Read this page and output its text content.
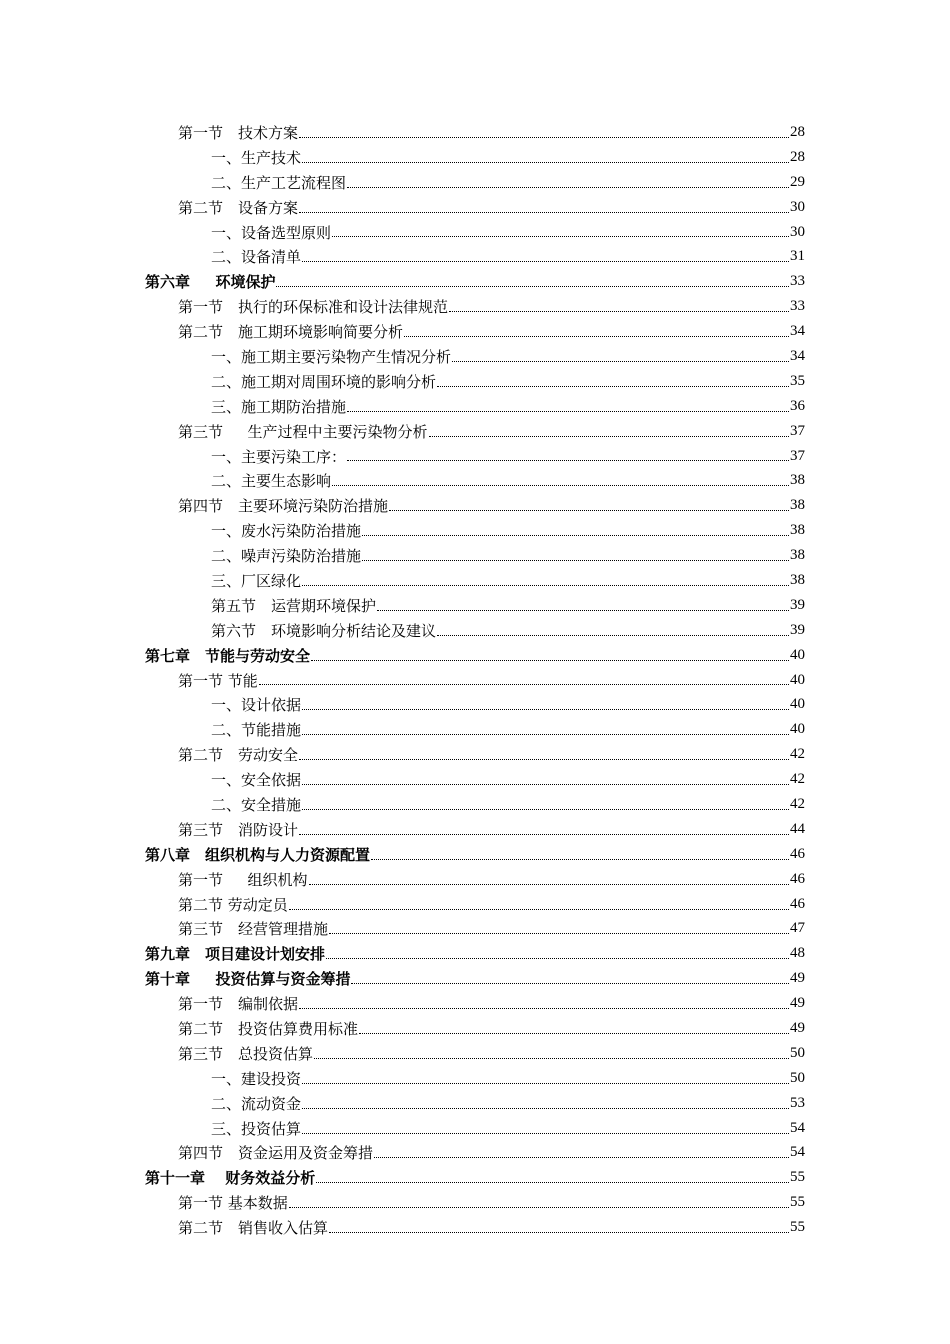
第一节　技术方案	28
一、生产技术	28
二、生产工艺流程图	29
第二节　设备方案	30
一、设备选型原则	30
二、设备清单	31
第六章　  环境保护	33
第一节　执行的环保标准和设计法律规范	33
第二节　施工期环境影响简要分析	34
一、施工期主要污染物产生情况分析	34
二、施工期对周围环境的影响分析	35
三、施工期防治措施	36
第三节　  生产过程中主要污染物分析	37
一、主要污染工序：	37
二、主要生态影响	38
第四节　主要环境污染防治措施	38
一、废水污染防治措施	38
二、噪声污染防治措施	38
三、厂区绿化	38
第五节　运营期环境保护	39
第六节　环境影响分析结论及建议	39
第七章　节能与劳动安全	40
第一节 节能	40
一、设计依据	40
二、节能措施	40
第二节　劳动安全	42
一、安全依据	42
二、安全措施	42
第三节　消防设计	44
第八章　组织机构与人力资源配置	46
第一节　  组织机构	46
第二节 劳动定员	46
第三节　经营管理措施	47
第九章　项目建设计划安排	48
第十章　  投资估算与资金筹措	49
第一节　编制依据	49
第二节　投资估算费用标准	49
第三节　总投资估算	50
一、建设投资	50
二、流动资金	53
三、投资估算	54
第四节　资金运用及资金筹措	54
第十一章　 财务效益分析	55
第一节 基本数据	55
第二节　销售收入估算	55
